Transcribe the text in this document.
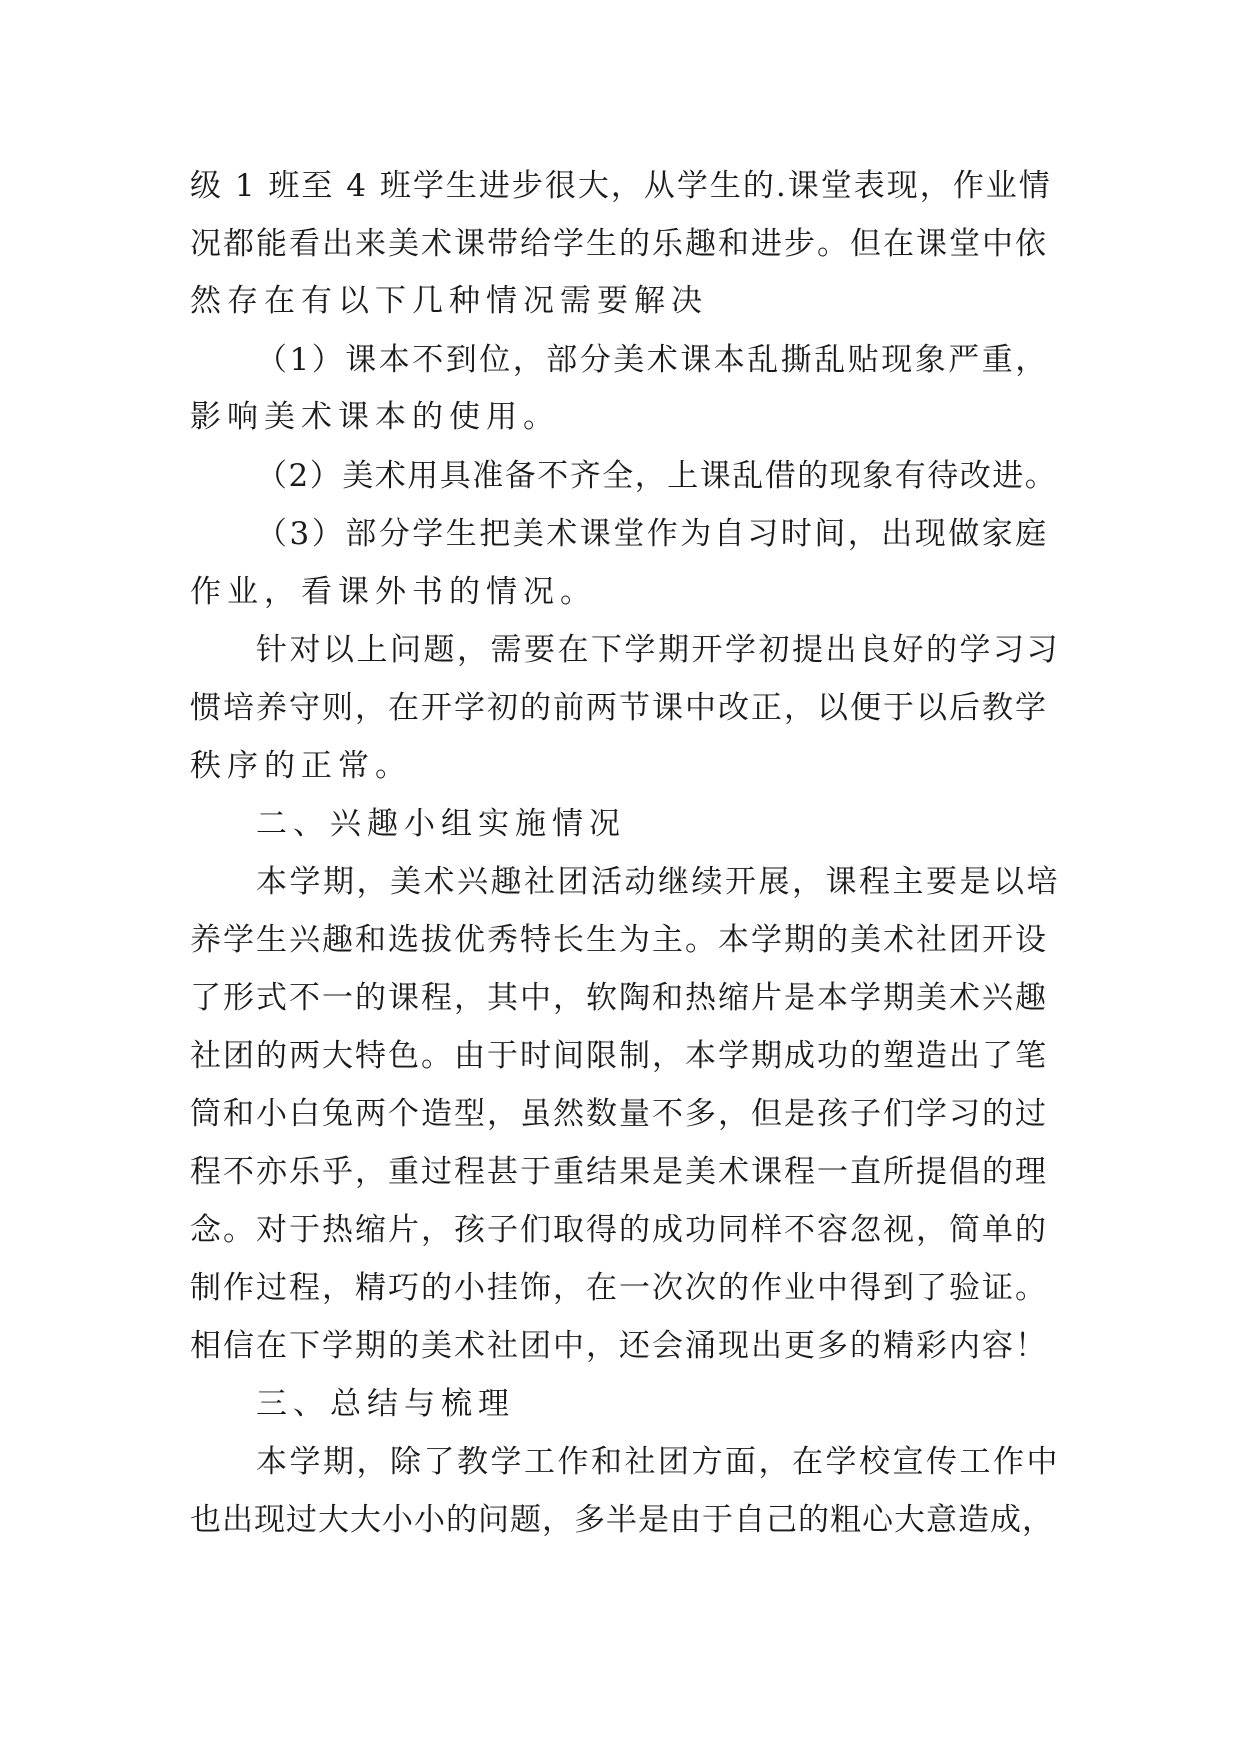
级 1 班至 4 班学生进步很大，从学生的.课堂表现，作业情
况都能看出来美术课带给学生的乐趣和进步。但在课堂中依
然存在有以下几种情况需要解决
（1）课本不到位，部分美术课本乱撕乱贴现象严重，
影响美术课本的使用。
（2）美术用具准备不齐全，上课乱借的现象有待改进。
（3）部分学生把美术课堂作为自习时间，出现做家庭
作业，看课外书的情况。
针对以上问题，需要在下学期开学初提出良好的学习习
惯培养守则，在开学初的前两节课中改正，以便于以后教学
秩序的正常。
二、兴趣小组实施情况
本学期，美术兴趣社团活动继续开展，课程主要是以培
养学生兴趣和选拔优秀特长生为主。本学期的美术社团开设
了形式不一的课程，其中，软陶和热缩片是本学期美术兴趣
社团的两大特色。由于时间限制，本学期成功的塑造出了笔
筒和小白兔两个造型，虽然数量不多，但是孩子们学习的过
程不亦乐乎，重过程甚于重结果是美术课程一直所提倡的理
念。对于热缩片，孩子们取得的成功同样不容忽视，简单的
制作过程，精巧的小挂饰，在一次次的作业中得到了验证。
相信在下学期的美术社团中，还会涌现出更多的精彩内容！
三、总结与梳理
本学期，除了教学工作和社团方面，在学校宣传工作中
也出现过大大小小的问题，多半是由于自己的粗心大意造成，
